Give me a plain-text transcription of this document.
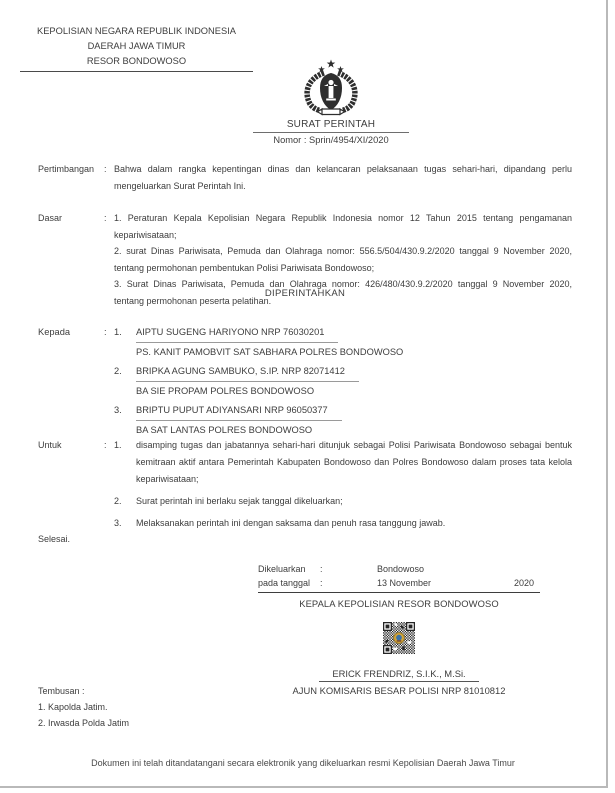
KEPOLISIAN NEGARA REPUBLIK INDONESIA
DAERAH JAWA TIMUR
RESOR BONDOWOSO
SURAT PERINTAH
Nomor : Sprin/4954/XI/2020
Pertimbangan	: Bahwa dalam rangka kepentingan dinas dan kelancaran pelaksanaan tugas sehari-hari, dipandang perlu mengeluarkan Surat Perintah Ini.
Dasar	: 1. Peraturan Kepala Kepolisian Negara Republik Indonesia nomor 12 Tahun 2015 tentang pengamanan kepariwisataan;
2. surat Dinas Pariwisata, Pemuda dan Olahraga nomor: 556.5/504/430.9.2/2020 tanggal 9 November 2020, tentang permohonan pembentukan Polisi Pariwisata Bondowoso;
3. Surat Dinas Pariwisata, Pemuda dan Olahraga nomor: 426/480/430.9.2/2020 tanggal 9 November 2020, tentang permohonan peserta pelatihan.
DIPERINTAHKAN
Kepada	: 1.	AIPTU SUGENG HARIYONO NRP 76030201
PS. KANIT PAMOBVIT SAT SABHARA POLRES BONDOWOSO
2.	BRIPKA AGUNG SAMBUKO, S.IP. NRP 82071412
BA SIE PROPAM POLRES BONDOWOSO
3.	BRIPTU PUPUT ADIYANSARI NRP 96050377
BA SAT LANTAS POLRES BONDOWOSO
Untuk	: 1.	disamping tugas dan jabatannya sehari-hari ditunjuk sebagai Polisi Pariwisata Bondowoso sebagai bentuk kemitraan aktif antara Pemerintah Kabupaten Bondowoso dan Polres Bondowoso dalam proses tata kelola kepariwisataan;
2.	Surat perintah ini berlaku sejak tanggal dikeluarkan;
3.	Melaksanakan perintah ini dengan saksama dan penuh rasa tanggung jawab.
Selesai.
Dikeluarkan	:	Bondowoso
pada tanggal	:	13 November	2020
KEPALA KEPOLISIAN RESOR BONDOWOSO
ERICK FRENDRIZ, S.I.K., M.Si.
AJUN KOMISARIS BESAR POLISI NRP 81010812
Tembusan :
1. Kapolda Jatim.
2. Irwasda Polda Jatim
Dokumen ini telah ditandatangani secara elektronik yang dikeluarkan resmi Kepolisian Daerah Jawa Timur
